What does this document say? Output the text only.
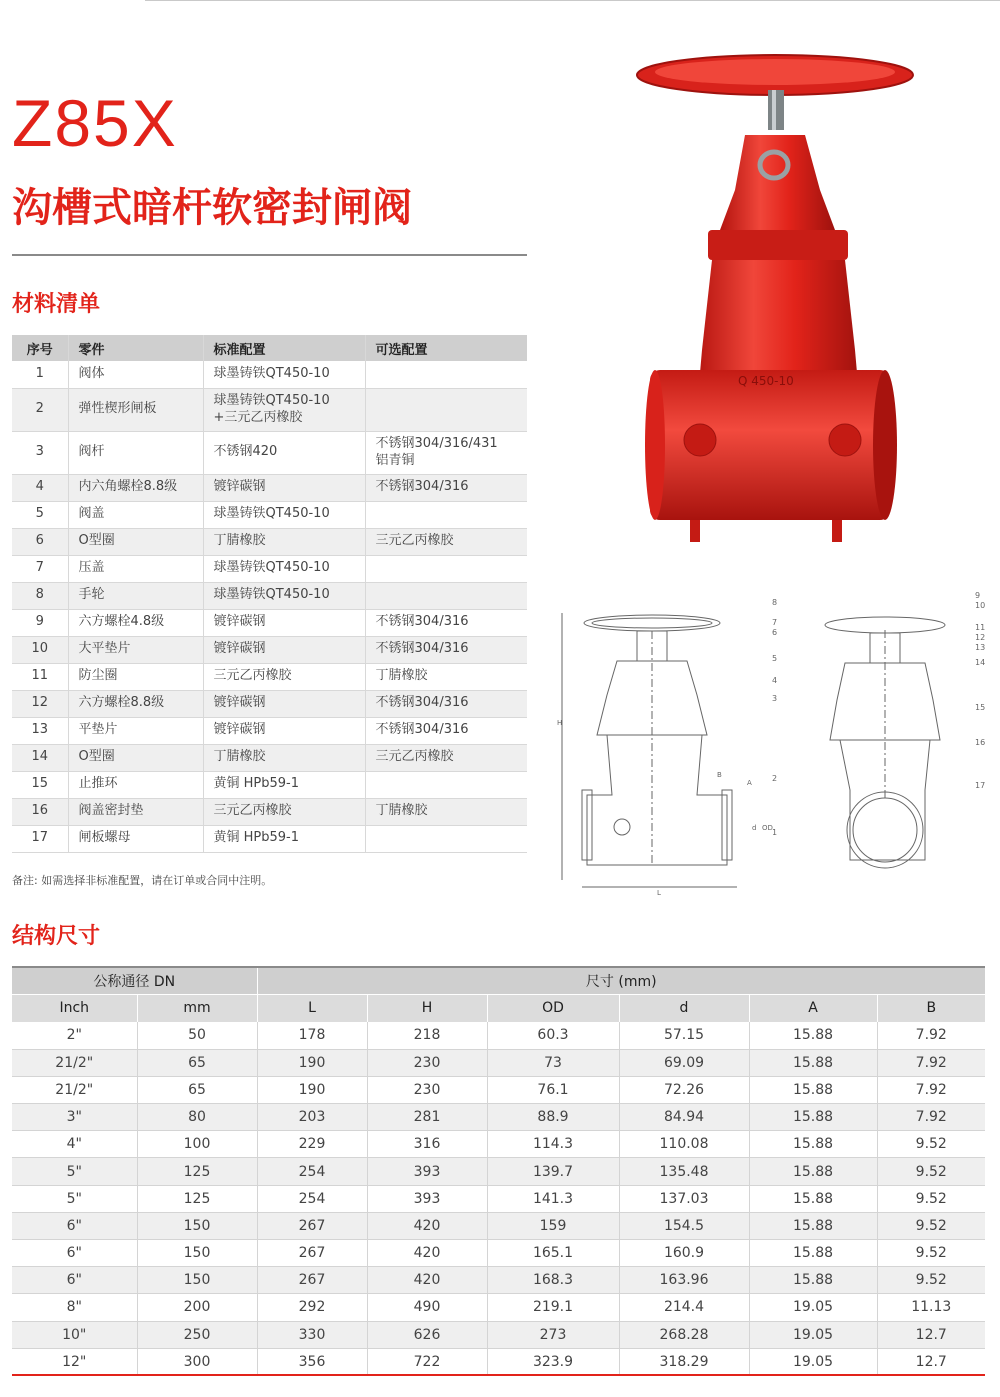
Z85X
沟槽式暗杆软密封闸阀
材料清单
序号	零件	标准配置	可选配置
1	阀体	球墨铸铁QT450-10	
2	弹性楔形闸板	球墨铸铁QT450-10
+三元乙丙橡胶	
3	阀杆	不锈钢420	不锈钢304/316/431
铝青铜
4	内六角螺栓8.8级	镀锌碳钢	不锈钢304/316
5	阀盖	球墨铸铁QT450-10	
6	O型圈	丁腈橡胶	三元乙丙橡胶
7	压盖	球墨铸铁QT450-10	
8	手轮	球墨铸铁QT450-10	
9	六方螺栓4.8级	镀锌碳钢	不锈钢304/316
10	大平垫片	镀锌碳钢	不锈钢304/316
11	防尘圈	三元乙丙橡胶	丁腈橡胶
12	六方螺栓8.8级	镀锌碳钢	不锈钢304/316
13	平垫片	镀锌碳钢	不锈钢304/316
14	O型圈	丁腈橡胶	三元乙丙橡胶
15	止推环	黄铜 HPb59-1	
16	阀盖密封垫	三元乙丙橡胶	丁腈橡胶
17	闸板螺母	黄铜 HPb59-1	
备注: 如需选择非标准配置，请在订单或合同中注明。
Q 450-10
8
7
6
5
4
3
2
1
H
L
B
A
d OD
9
10
11
12
13
14
15
16
17
结构尺寸
公称通径 DN		尺寸 (mm)					
Inch	mm	L	H	OD	d	A	B
2"	50	178	218	60.3	57.15	15.88	7.92
21/2"	65	190	230	73	69.09	15.88	7.92
21/2"	65	190	230	76.1	72.26	15.88	7.92
3"	80	203	281	88.9	84.94	15.88	7.92
4"	100	229	316	114.3	110.08	15.88	9.52
5"	125	254	393	139.7	135.48	15.88	9.52
5"	125	254	393	141.3	137.03	15.88	9.52
6"	150	267	420	159	154.5	15.88	9.52
6"	150	267	420	165.1	160.9	15.88	9.52
6"	150	267	420	168.3	163.96	15.88	9.52
8"	200	292	490	219.1	214.4	19.05	11.13
10"	250	330	626	273	268.28	19.05	12.7
12"	300	356	722	323.9	318.29	19.05	12.7
